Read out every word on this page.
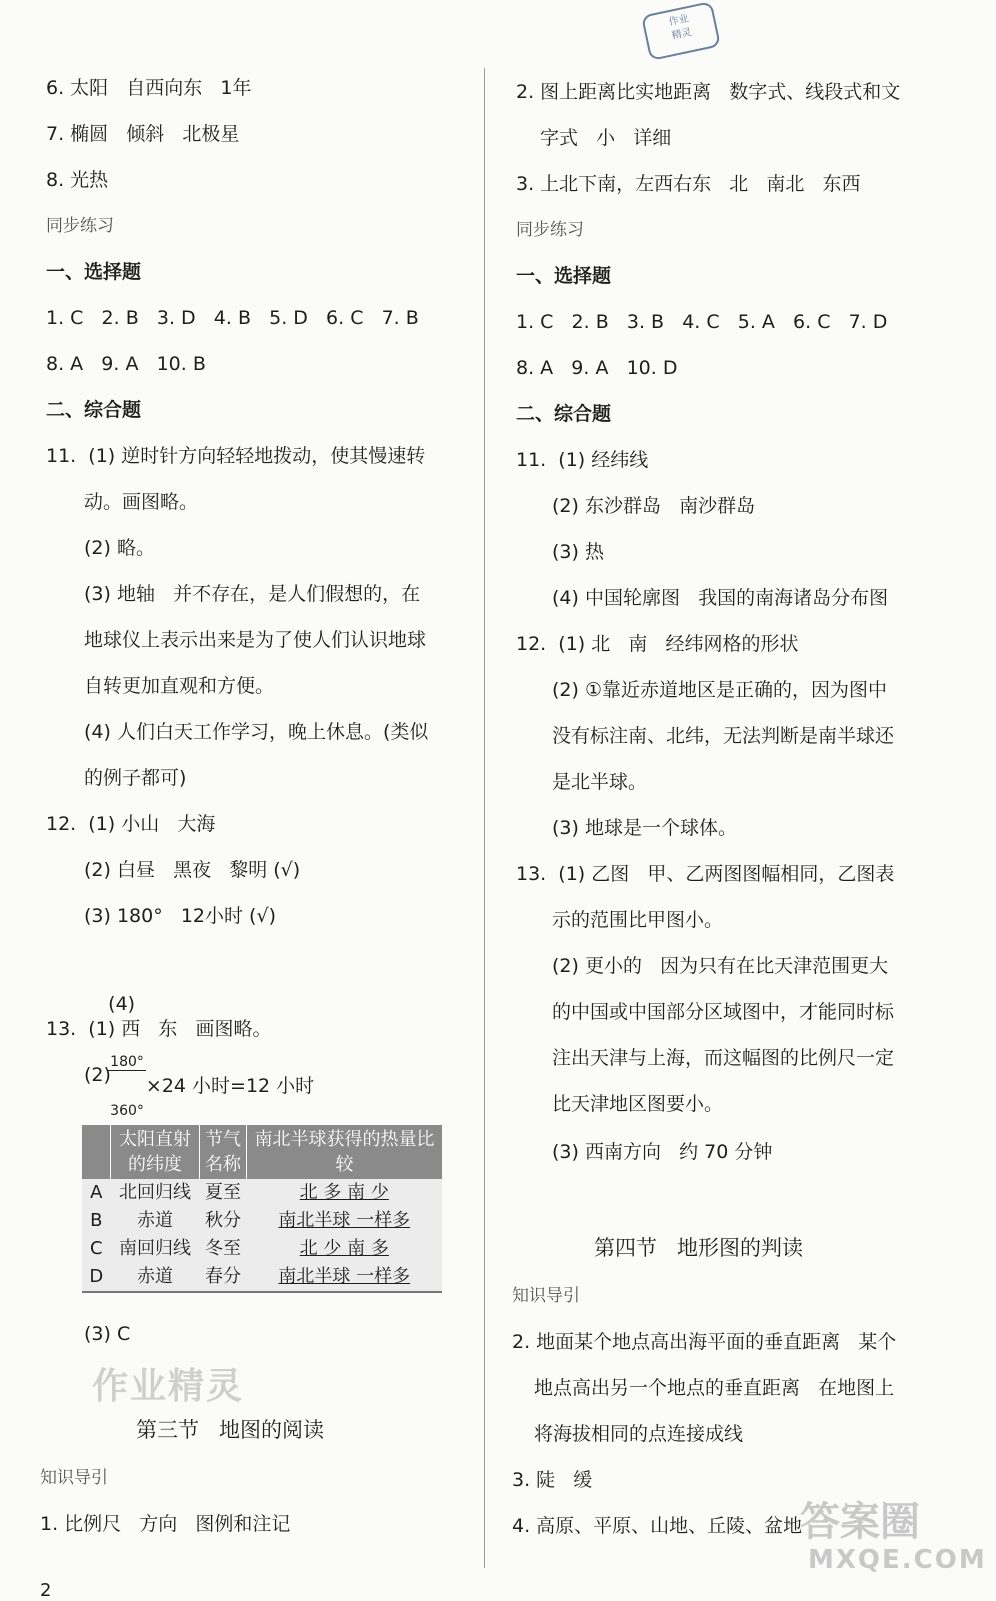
作业
精灵
6. 太阳   自西向东   1年
7. 椭圆   倾斜   北极星
8. 光热
同步练习
一、选择题
1. C   2. B   3. D   4. B   5. D   6. C   7. B
8. A   9. A   10. B
二、综合题
11.  (1) 逆时针方向轻轻地拨动，使其慢速转
动。画图略。
(2) 略。
(3) 地轴   并不存在，是人们假想的，在
地球仪上表示出来是为了使人们认识地球
自转更加直观和方便。
(4) 人们白天工作学习，晚上休息。(类似
的例子都可)
12.  (1) 小山   大海
(2) 白昼   黑夜   黎明 (√)
(3) 180°   12小时 (√)

(4)

$\frac{180^\circ}{360^\circ} \times 24$ 小时=12 小时

13.  (1) 西   东   画图略。
(2)
	太阳直射的纬度	节气名称	南北半球获得的热量比较
A	北回归线	夏至	北 多 南 少
B	赤道	秋分	南北半球 一样多
C	南回归线	冬至	北 少 南 多
D	赤道	春分	南北半球 一样多
(3) C
第三节   地图的阅读
知识导引
1. 比例尺   方向   图例和注记
2. 图上距离比实地距离   数字式、线段式和文
字式   小   详细
3. 上北下南，左西右东   北   南北   东西
同步练习
一、选择题
1. C   2. B   3. B   4. C   5. A   6. C   7. D
8. A   9. A   10. D
二、综合题
11.  (1) 经纬线
(2) 东沙群岛   南沙群岛
(3) 热
(4) 中国轮廓图   我国的南海诸岛分布图
12.  (1) 北   南   经纬网格的形状
(2) ①靠近赤道地区是正确的，因为图中
没有标注南、北纬，无法判断是南半球还
是北半球。
(3) 地球是一个球体。
13.  (1) 乙图   甲、乙两图图幅相同，乙图表
示的范围比甲图小。
(2) 更小的   因为只有在比天津范围更大
的中国或中国部分区域图中，才能同时标
注出天津与上海，而这幅图的比例尺一定
比天津地区图要小。
(3) 西南方向   约 70 分钟
第四节   地形图的判读
知识导引
2. 地面某个地点高出海平面的垂直距离   某个
地点高出另一个地点的垂直距离   在地图上
将海拔相同的点连接成线
3. 陡   缓
4. 高原、平原、山地、丘陵、盆地
作业精灵
答案圈
MXQE.COM
2
